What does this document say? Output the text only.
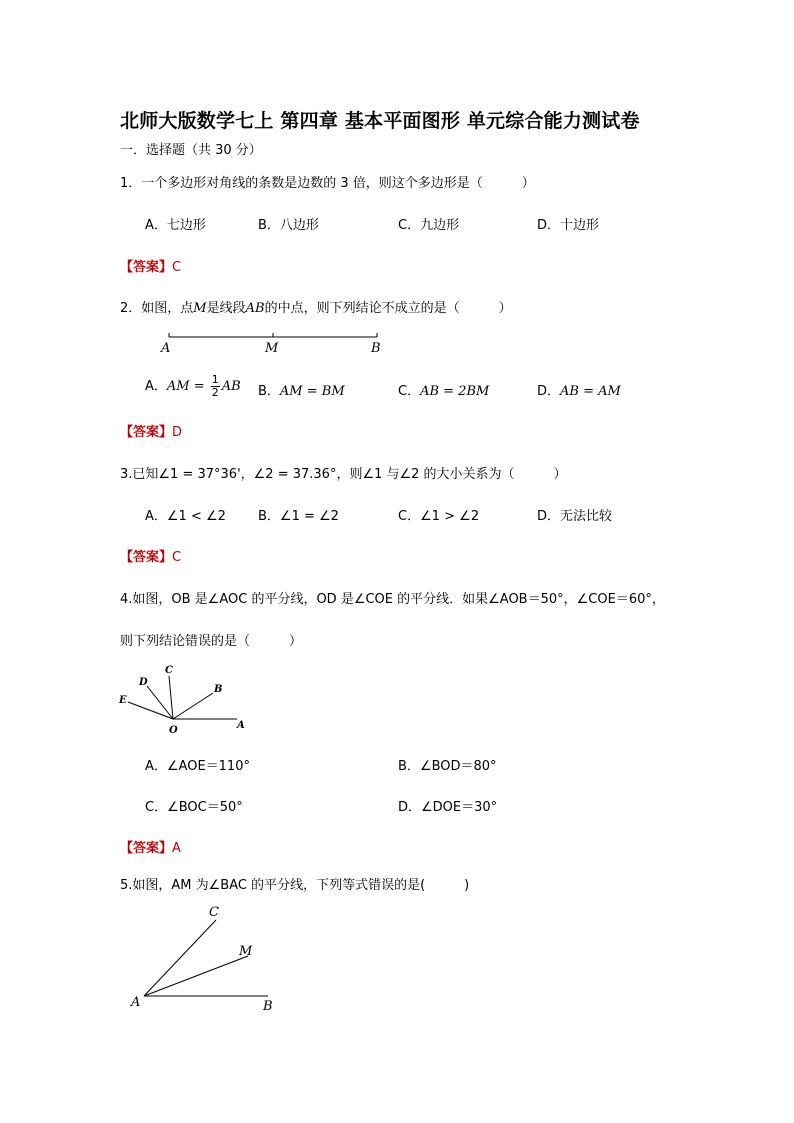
北师大版数学七上 第四章 基本平面图形 单元综合能力测试卷
一．选择题（共 30 分）
1．一个多边形对角线的条数是边数的 3 倍，则这个多边形是（　　　）
A．七边形	B．八边形	C．九边形	D．十边形
【答案】C
2．如图，点M是线段AB的中点，则下列结论不成立的是（　　　）
A	M	B
A．AM = $\frac{1}{2}$ AB B．AM = BM	C．AB = 2BM	D．AB = AM
【答案】D
3.已知∠1 = 37°36'，∠2 = 37.36°，则∠1 与∠2 的大小关系为（　　　）
A．∠1 < ∠2 B．∠1 = ∠2	C．∠1 > ∠2	D．无法比较
【答案】C
4.如图，OB 是∠AOC 的平分线，OD 是∠COE 的平分线．如果∠AOB＝50°，∠COE＝60°，
则下列结论错误的是（　　　）
C
D
B
E
O	A
A．∠AOE＝110°	B．∠BOD＝80°
C．∠BOC＝50°	D．∠DOE＝30°
【答案】A
5.如图，AM 为∠BAC 的平分线，下列等式错误的是(　　　)
C
M
A	B
